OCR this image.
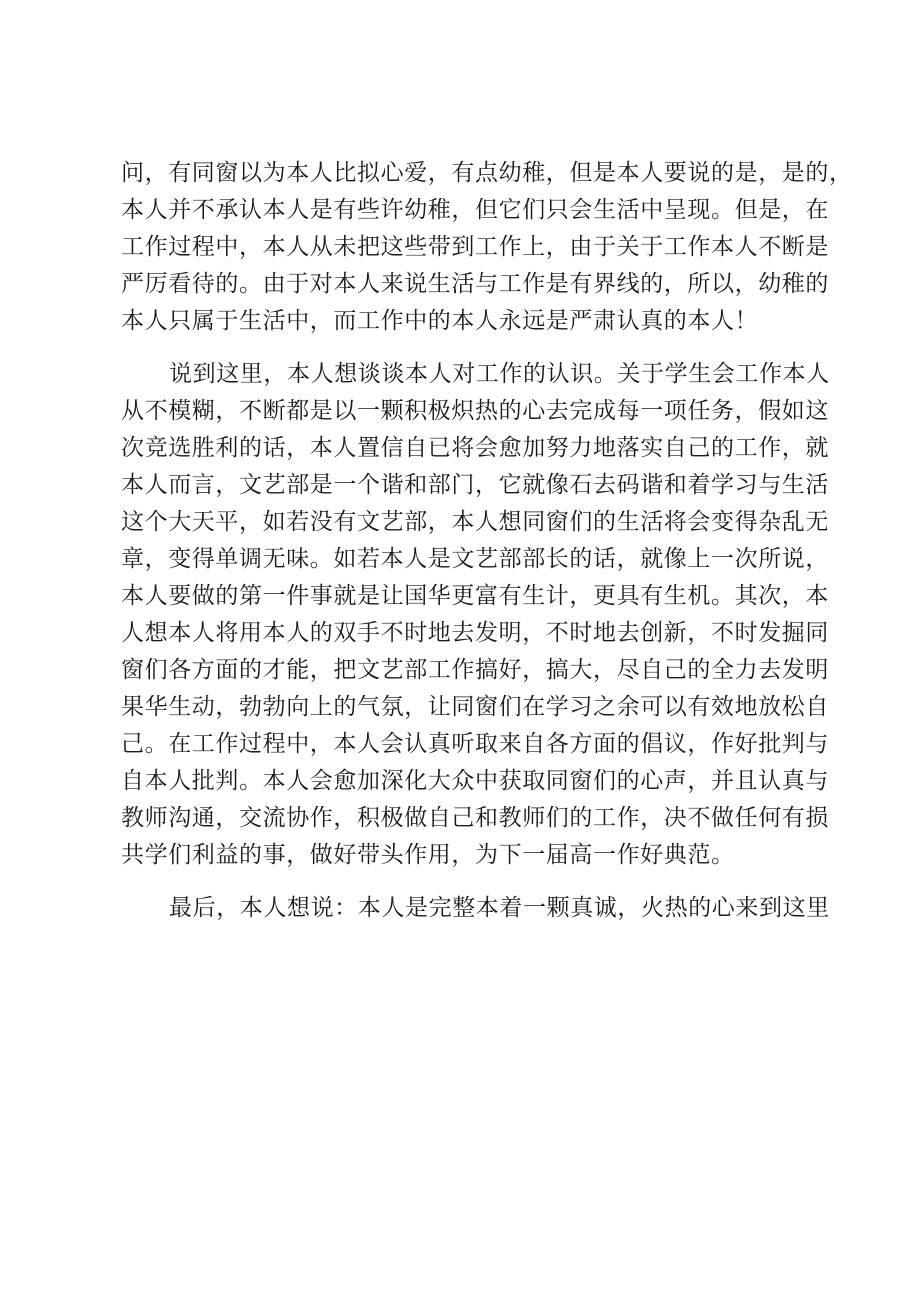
问，有同窗以为本人比拟心爱，有点幼稚，但是本人要说的是，是的，
本人并不承认本人是有些许幼稚，但它们只会生活中呈现。但是，在
工作过程中，本人从未把这些带到工作上，由于关于工作本人不断是
严厉看待的。由于对本人来说生活与工作是有界线的，所以，幼稚的
本人只属于生活中，而工作中的本人永远是严肃认真的本人！
说到这里，本人想谈谈本人对工作的认识。关于学生会工作本人
从不模糊，不断都是以一颗积极炽热的心去完成每一项任务，假如这
次竞选胜利的话，本人置信自已将会愈加努力地落实自己的工作，就
本人而言，文艺部是一个谐和部门，它就像石去码谐和着学习与生活
这个大天平，如若没有文艺部，本人想同窗们的生活将会变得杂乱无
章，变得单调无味。如若本人是文艺部部长的话，就像上一次所说，
本人要做的第一件事就是让国华更富有生计，更具有生机。其次，本
人想本人将用本人的双手不时地去发明，不时地去创新，不时发掘同
窗们各方面的才能，把文艺部工作搞好，搞大，尽自己的全力去发明
果华生动，勃勃向上的气氛，让同窗们在学习之余可以有效地放松自
己。在工作过程中，本人会认真听取来自各方面的倡议，作好批判与
自本人批判。本人会愈加深化大众中获取同窗们的心声，并且认真与
教师沟通，交流协作，积极做自己和教师们的工作，决不做任何有损
共学们利益的事，做好带头作用，为下一届高一作好典范。
最后，本人想说：本人是完整本着一颗真诚，火热的心来到这里
